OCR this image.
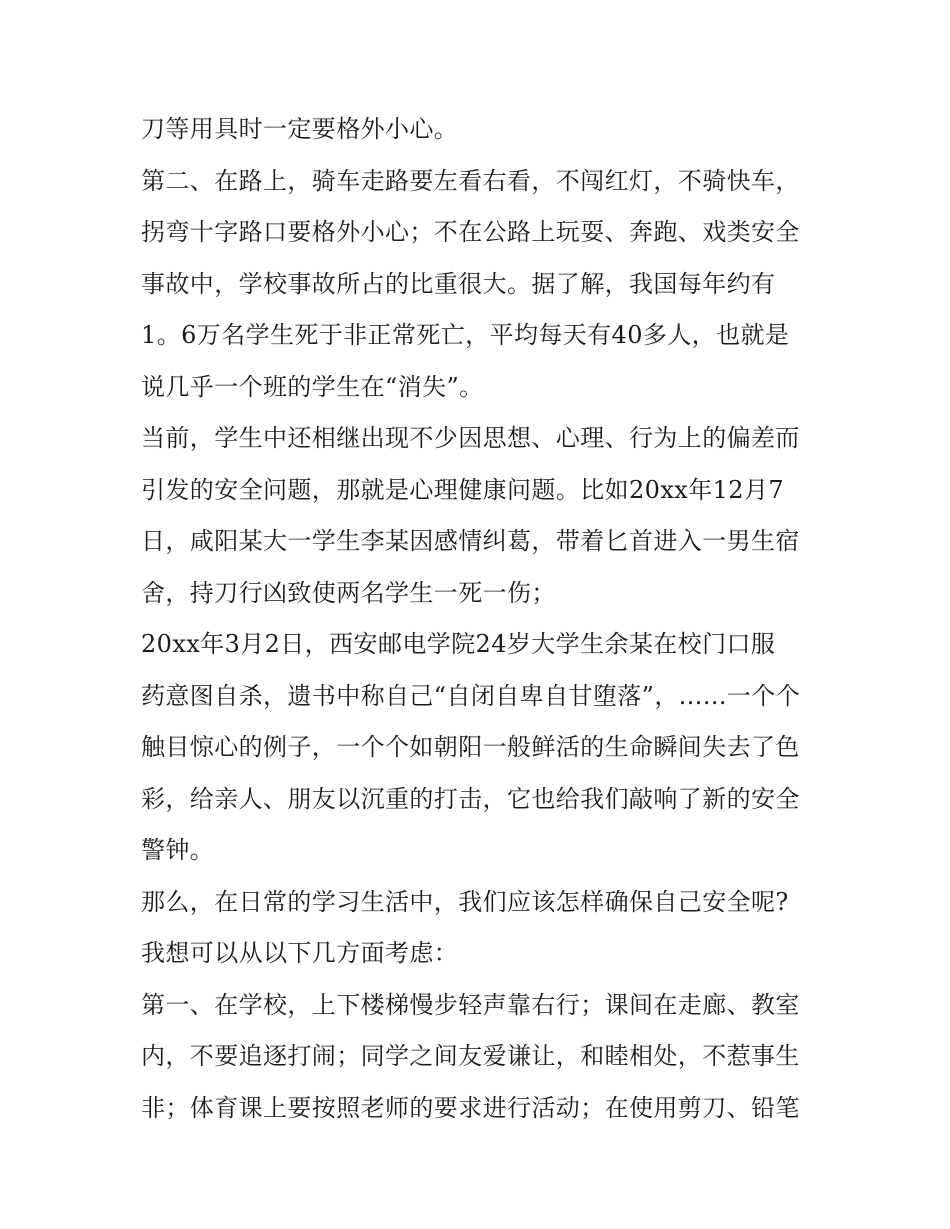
刀等用具时一定要格外小心。
第二、在路上，骑车走路要左看右看，不闯红灯，不骑快车，
拐弯十字路口要格外小心；不在公路上玩耍、奔跑、戏类安全
事故中，学校事故所占的比重很大。据了解，我国每年约有
1。6万名学生死于非正常死亡，平均每天有40多人，也就是
说几乎一个班的学生在“消失”。
当前，学生中还相继出现不少因思想、心理、行为上的偏差而
引发的安全问题，那就是心理健康问题。比如20xx年12月7
日，咸阳某大一学生李某因感情纠葛，带着匕首进入一男生宿
舍，持刀行凶致使两名学生一死一伤；
20xx年3月2日，西安邮电学院24岁大学生余某在校门口服
药意图自杀，遗书中称自己“自闭自卑自甘堕落”，......一个个
触目惊心的例子，一个个如朝阳一般鲜活的生命瞬间失去了色
彩，给亲人、朋友以沉重的打击，它也给我们敲响了新的安全
警钟。
那么，在日常的学习生活中，我们应该怎样确保自己安全呢?
我想可以从以下几方面考虑：
第一、在学校，上下楼梯慢步轻声靠右行；课间在走廊、教室
内，不要追逐打闹；同学之间友爱谦让，和睦相处，不惹事生
非；体育课上要按照老师的要求进行活动；在使用剪刀、铅笔
